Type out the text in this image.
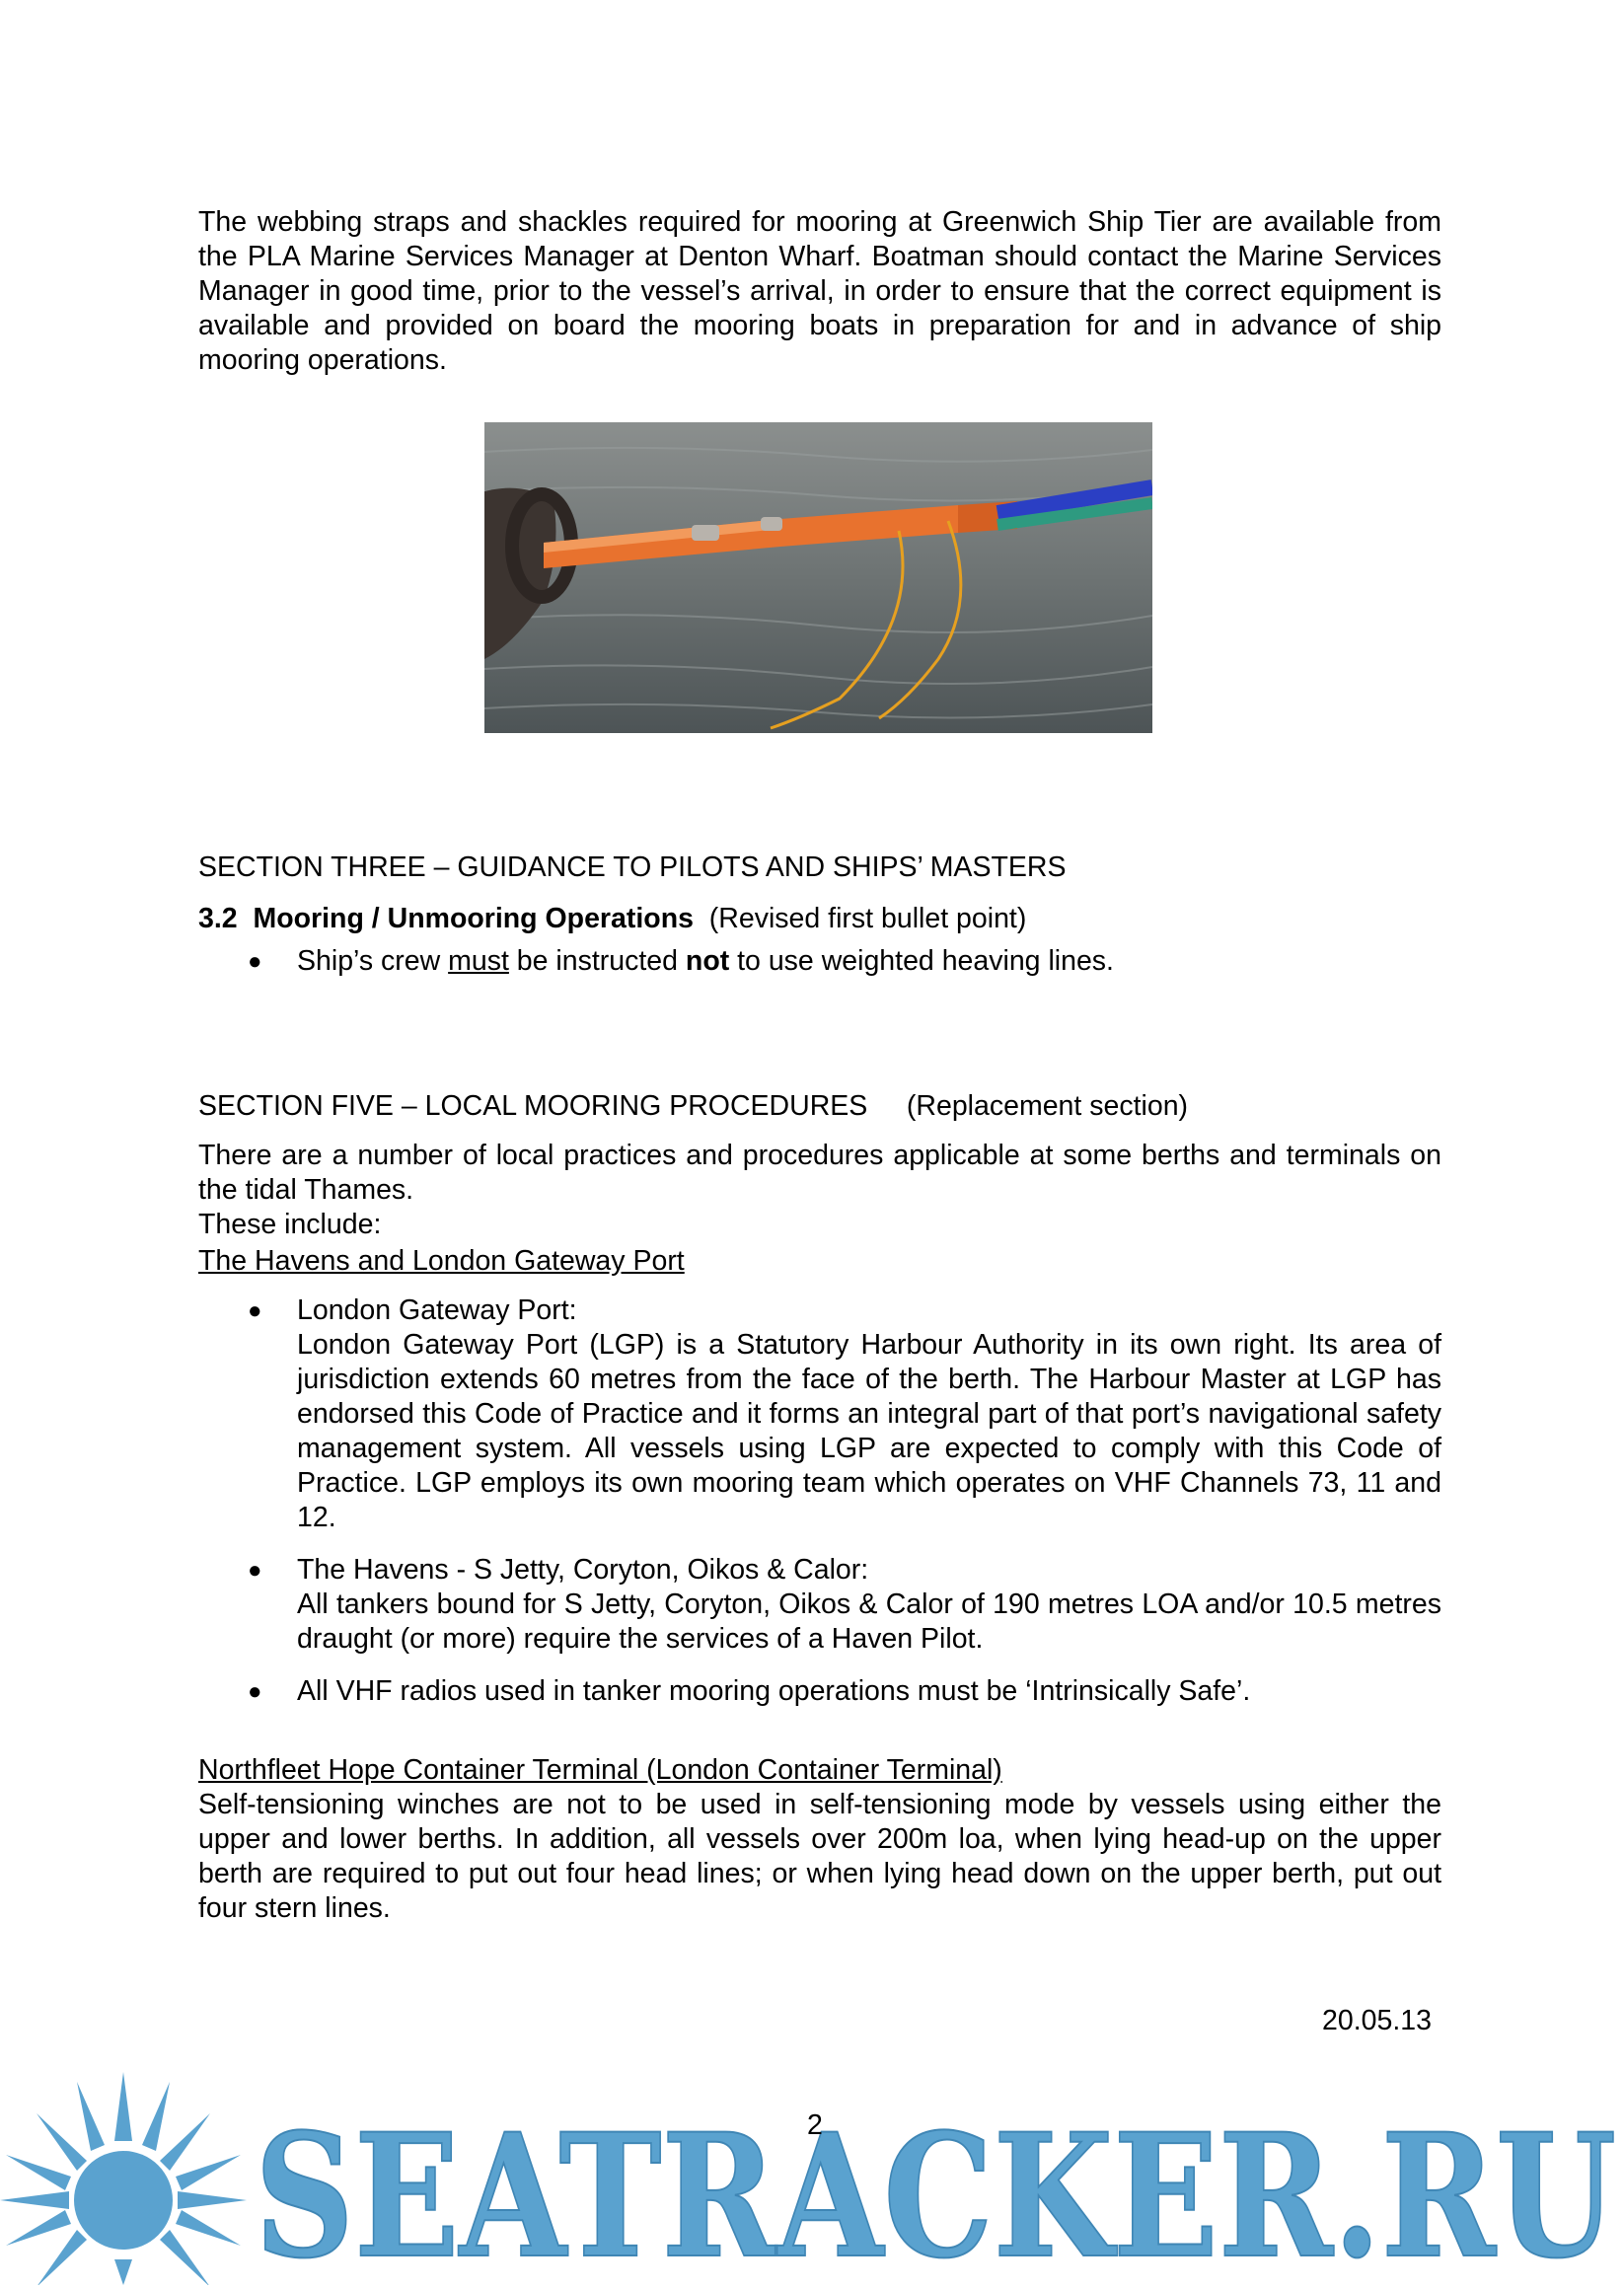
The webbing straps and shackles required for mooring at Greenwich Ship Tier are available from the PLA Marine Services Manager at Denton Wharf. Boatman should contact the Marine Services Manager in good time, prior to the vessel’s arrival, in order to ensure that the correct equipment is available and provided on board the mooring boats in preparation for and in advance of ship mooring operations.

SECTION THREE – GUIDANCE TO PILOTS AND SHIPS’ MASTERS
3.2 Mooring / Unmooring Operations (Revised first bullet point)
● Ship’s crew must be instructed not to use weighted heaving lines.
SECTION FIVE – LOCAL MOORING PROCEDURES (Replacement section)

There are a number of local practices and procedures applicable at some berths and terminals on the tidal Thames.

These include:

The Havens and London Gateway Port

● London Gateway Port:
London Gateway Port (LGP) is a Statutory Harbour Authority in its own right. Its area of jurisdiction extends 60 metres from the face of the berth. The Harbour Master at LGP has endorsed this Code of Practice and it forms an integral part of that port’s navigational safety management system. All vessels using LGP are expected to comply with this Code of Practice. LGP employs its own mooring team which operates on VHF Channels 73, 11 and 12.
● The Havens - S Jetty, Coryton, Oikos & Calor:
All tankers bound for S Jetty, Coryton, Oikos & Calor of 190 metres LOA and/or 10.5 metres draught (or more) require the services of a Haven Pilot.
● All VHF radios used in tanker mooring operations must be ‘Intrinsically Safe’.

Northfleet Hope Container Terminal (London Container Terminal)

Self-tensioning winches are not to be used in self-tensioning mode by vessels using either the upper and lower berths. In addition, all vessels over 200m loa, when lying head-up on the upper berth are required to put out four head lines; or when lying head down on the upper berth, put out four stern lines.

20.05.13
SEATRACKER.RU
2
